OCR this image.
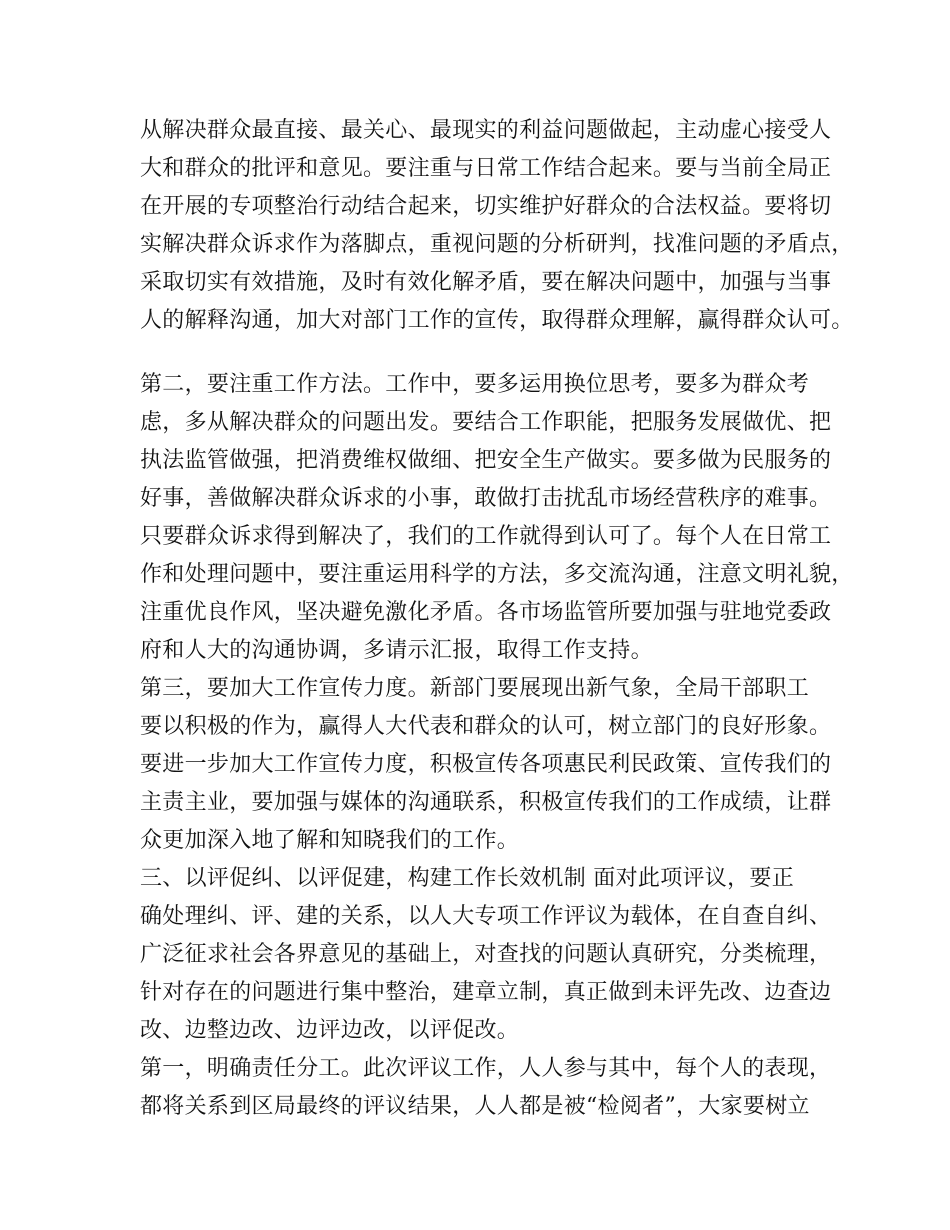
从解决群众最直接、最关心、最现实的利益问题做起，主动虚心接受人
大和群众的批评和意见。要注重与日常工作结合起来。要与当前全局正
在开展的专项整治行动结合起来，切实维护好群众的合法权益。要将切
实解决群众诉求作为落脚点，重视问题的分析研判，找准问题的矛盾点，
采取切实有效措施，及时有效化解矛盾，要在解决问题中，加强与当事
人的解释沟通，加大对部门工作的宣传，取得群众理解，赢得群众认可。
第二，要注重工作方法。工作中，要多运用换位思考，要多为群众考
虑，多从解决群众的问题出发。要结合工作职能，把服务发展做优、把
执法监管做强，把消费维权做细、把安全生产做实。要多做为民服务的
好事，善做解决群众诉求的小事，敢做打击扰乱市场经营秩序的难事。
只要群众诉求得到解决了，我们的工作就得到认可了。每个人在日常工
作和处理问题中，要注重运用科学的方法，多交流沟通，注意文明礼貌，
注重优良作风，坚决避免激化矛盾。各市场监管所要加强与驻地党委政
府和人大的沟通协调，多请示汇报，取得工作支持。
第三，要加大工作宣传力度。新部门要展现出新气象，全局干部职工
要以积极的作为，赢得人大代表和群众的认可，树立部门的良好形象。
要进一步加大工作宣传力度，积极宣传各项惠民利民政策、宣传我们的
主责主业，要加强与媒体的沟通联系，积极宣传我们的工作成绩，让群
众更加深入地了解和知晓我们的工作。
三、以评促纠、以评促建，构建工作长效机制 面对此项评议，要正
确处理纠、评、建的关系，以人大专项工作评议为载体，在自查自纠、
广泛征求社会各界意见的基础上，对查找的问题认真研究，分类梳理，
针对存在的问题进行集中整治，建章立制，真正做到未评先改、边查边
改、边整边改、边评边改，以评促改。
第一，明确责任分工。此次评议工作，人人参与其中，每个人的表现，
都将关系到区局最终的评议结果，人人都是被“检阅者”，大家要树立
